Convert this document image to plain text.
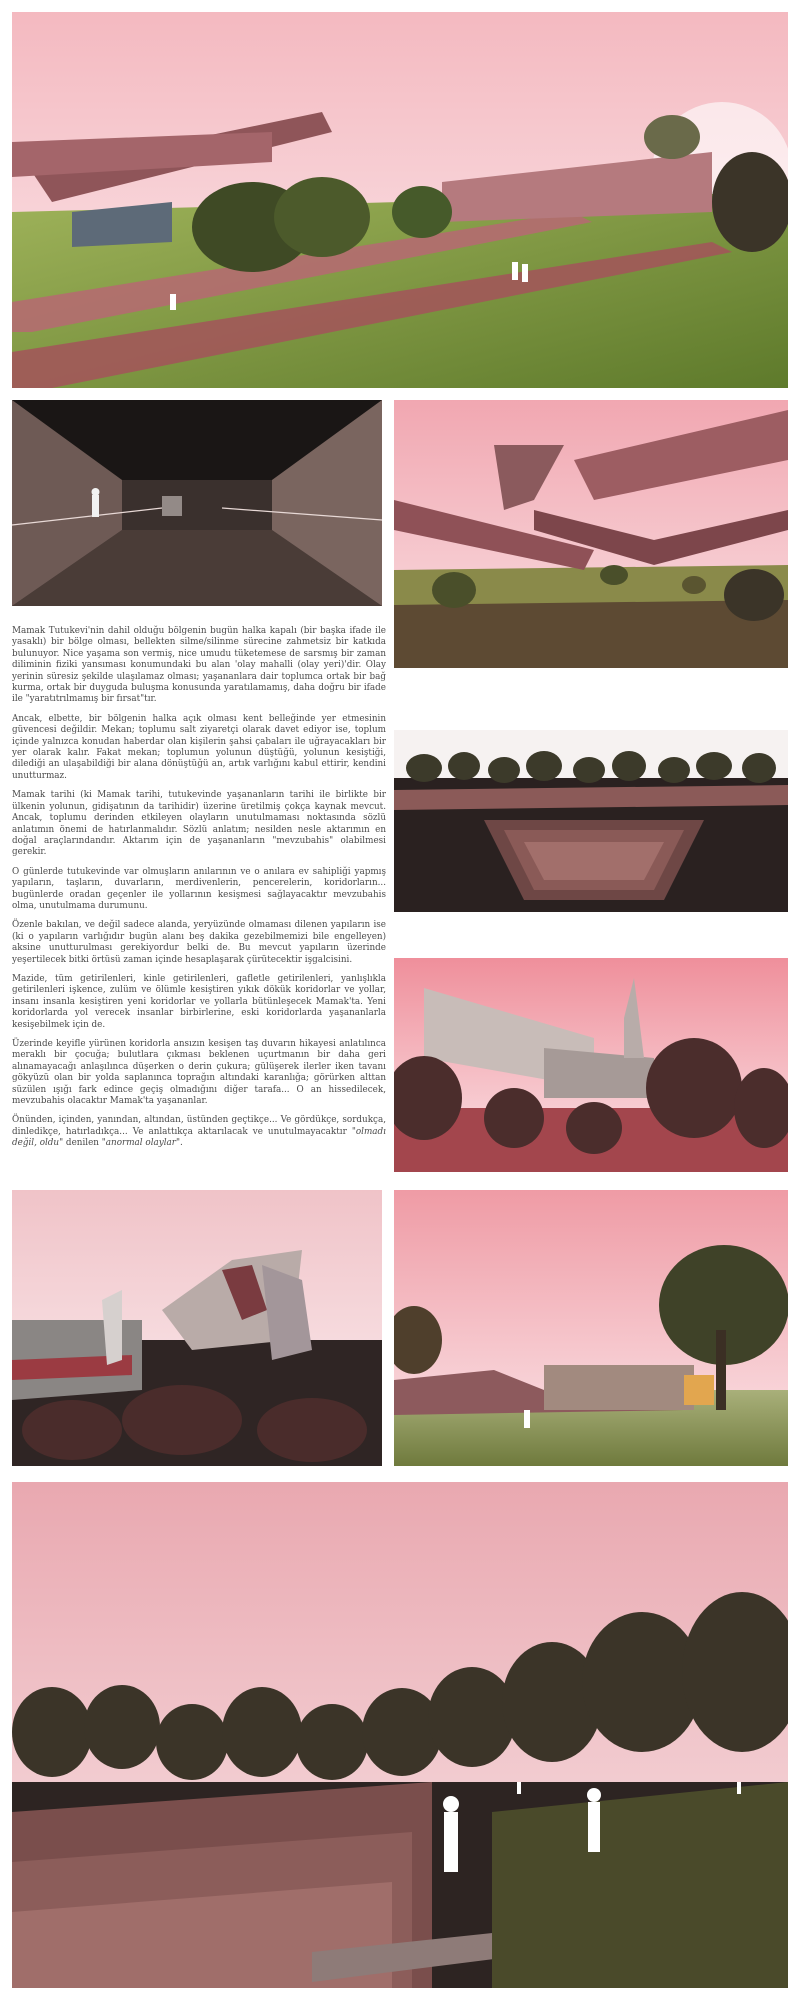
Mamak Tutukevi'nin dahil olduğu bölgenin bugün halka kapalı (bir başka ifade ile yasaklı) bir bölge olması, bellekten silme/silinme sürecine zahmetsiz bir katkıda bulunuyor. Nice yaşama son vermiş, nice umudu tüketemese de sarsmış bir zaman diliminin fiziki yansıması konumundaki bu alan 'olay mahalli (olay yeri)'dir. Olay yerinin süresiz şekilde ulaşılamaz olması; yaşananlara dair toplumca ortak bir bağ kurma, ortak bir duyguda buluşma konusunda yaratılamamış, daha doğru bir ifade ile "yaratıtrılmamış bir fırsat"tır.

Ancak, elbette, bir bölgenin halka açık olması kent belleğinde yer etmesinin güvencesi değildir. Mekan; toplumu salt ziyaretçi olarak davet ediyor ise, toplum içinde yalnızca konudan haberdar olan kişilerin şahsi çabaları ile uğrayacakları bir yer olarak kalır. Fakat mekan; toplumun yolunun düştüğü, yolunun kesiştiği, dilediği an ulaşabildiği bir alana dönüştüğü an, artık varlığını kabul ettirir, kendini unutturmaz.

Mamak tarihi (ki Mamak tarihi, tutukevinde yaşananların tarihi ile birlikte bir ülkenin yolunun, gidişatının da tarihidir) üzerine üretilmiş çokça kaynak mevcut. Ancak, toplumu derinden etkileyen olayların unutulmaması noktasında sözlü anlatımın önemi de hatırlanmalıdır. Sözlü anlatım; nesilden nesle aktarımın en doğal araçlarındandır. Aktarım için de yaşananların "mevzubahis" olabilmesi gerekir.

O günlerde tutukevinde var olmuşların anılarının ve o anılara ev sahipliği yapmış yapıların, taşların, duvarların, merdivenlerin, pencerelerin, koridorların... bugünlerde oradan geçenler ile yollarının kesişmesi sağlayacaktır mevzubahis olma, unutulmama durumunu.

Özenle bakılan, ve değil sadece alanda, yeryüzünde olmaması dilenen yapıların ise (ki o yapıların varlığıdır bugün alanı beş dakika gezebilmemizi bile engelleyen) aksine unutturulması gerekiyordur belki de. Bu mevcut yapıların üzerinde yeşertilecek bitki örtüsü zaman içinde hesaplaşarak çürütecektir işgalcisini.

Mazide, tüm getirilenleri, kinle getirilenleri, gafletle getirilenleri, yanlışlıkla getirilenleri işkence, zulüm ve ölümle kesiştiren yıkık dökük koridorlar ve yollar, insanı insanla kesiştiren yeni koridorlar ve yollarla bütünleşecek Mamak'ta. Yeni koridorlarda yol verecek insanlar birbirlerine, eski koridorlarda yaşananlarla kesişebilmek için de.

Üzerinde keyifle yürünen koridorla ansızın kesişen taş duvarın hikayesi anlatılınca meraklı bir çocuğa; bulutlara çıkması beklenen uçurtmanın bir daha geri alınamayacağı anlaşılınca düşerken o derin çukura; gülüşerek ilerler iken tavanı gökyüzü olan bir yolda saplanınca toprağın altındaki karanlığa; görürken alttan süzülen ışığı fark edince geçiş olmadığını diğer tarafa... O an hissedilecek, mevzubahis olacaktır Mamak'ta yaşananlar.

Önünden, içinden, yanından, altından, üstünden geçtikçe... Ve gördükçe, sordukça, dinledikçe, hatırladıkça... Ve anlattıkça aktarılacak ve unutulmayacaktır "olmadı değil, oldu" denilen "anormal olaylar".
